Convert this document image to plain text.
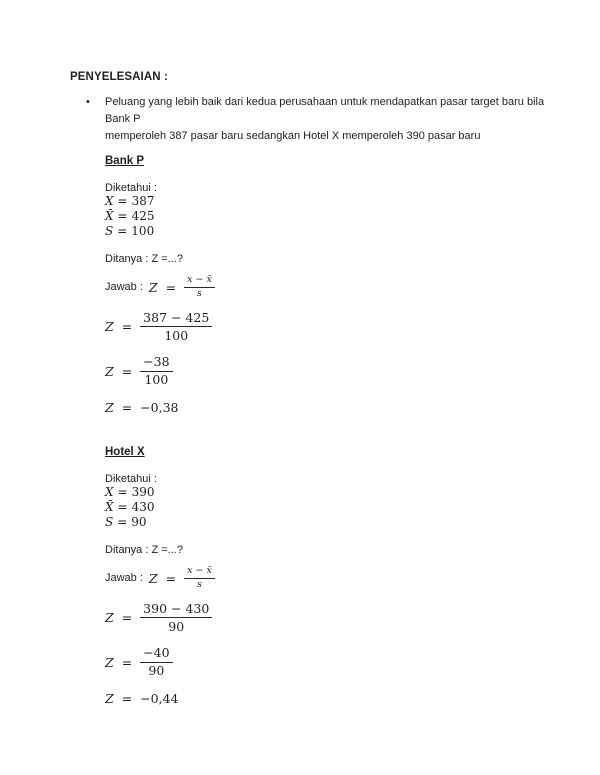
PENYELESAIAN :
•	Peluang yang lebih baik dari kedua perusahaan untuk mendapatkan pasar target baru bila Bank P
memperoleh 387 pasar baru sedangkan Hotel X memperoleh 390 pasar baru
Bank P
Diketahui :
X = 387
X̄ = 425
S = 100
Ditanya : Z =...?
Jawab : $Z = \frac{x - x̄}{s}$
$Z = \frac{387 - 425}{100}$
$Z = \frac{-38}{100}$
Z = −0,38
Hotel X
Diketahui :
X = 390
X̄ = 430
S = 90
Ditanya : Z =...?
Jawab : $Z = \frac{x - x̄}{s}$
$Z = \frac{390 - 430}{90}$
$Z = \frac{-40}{90}$
Z = −0,44
